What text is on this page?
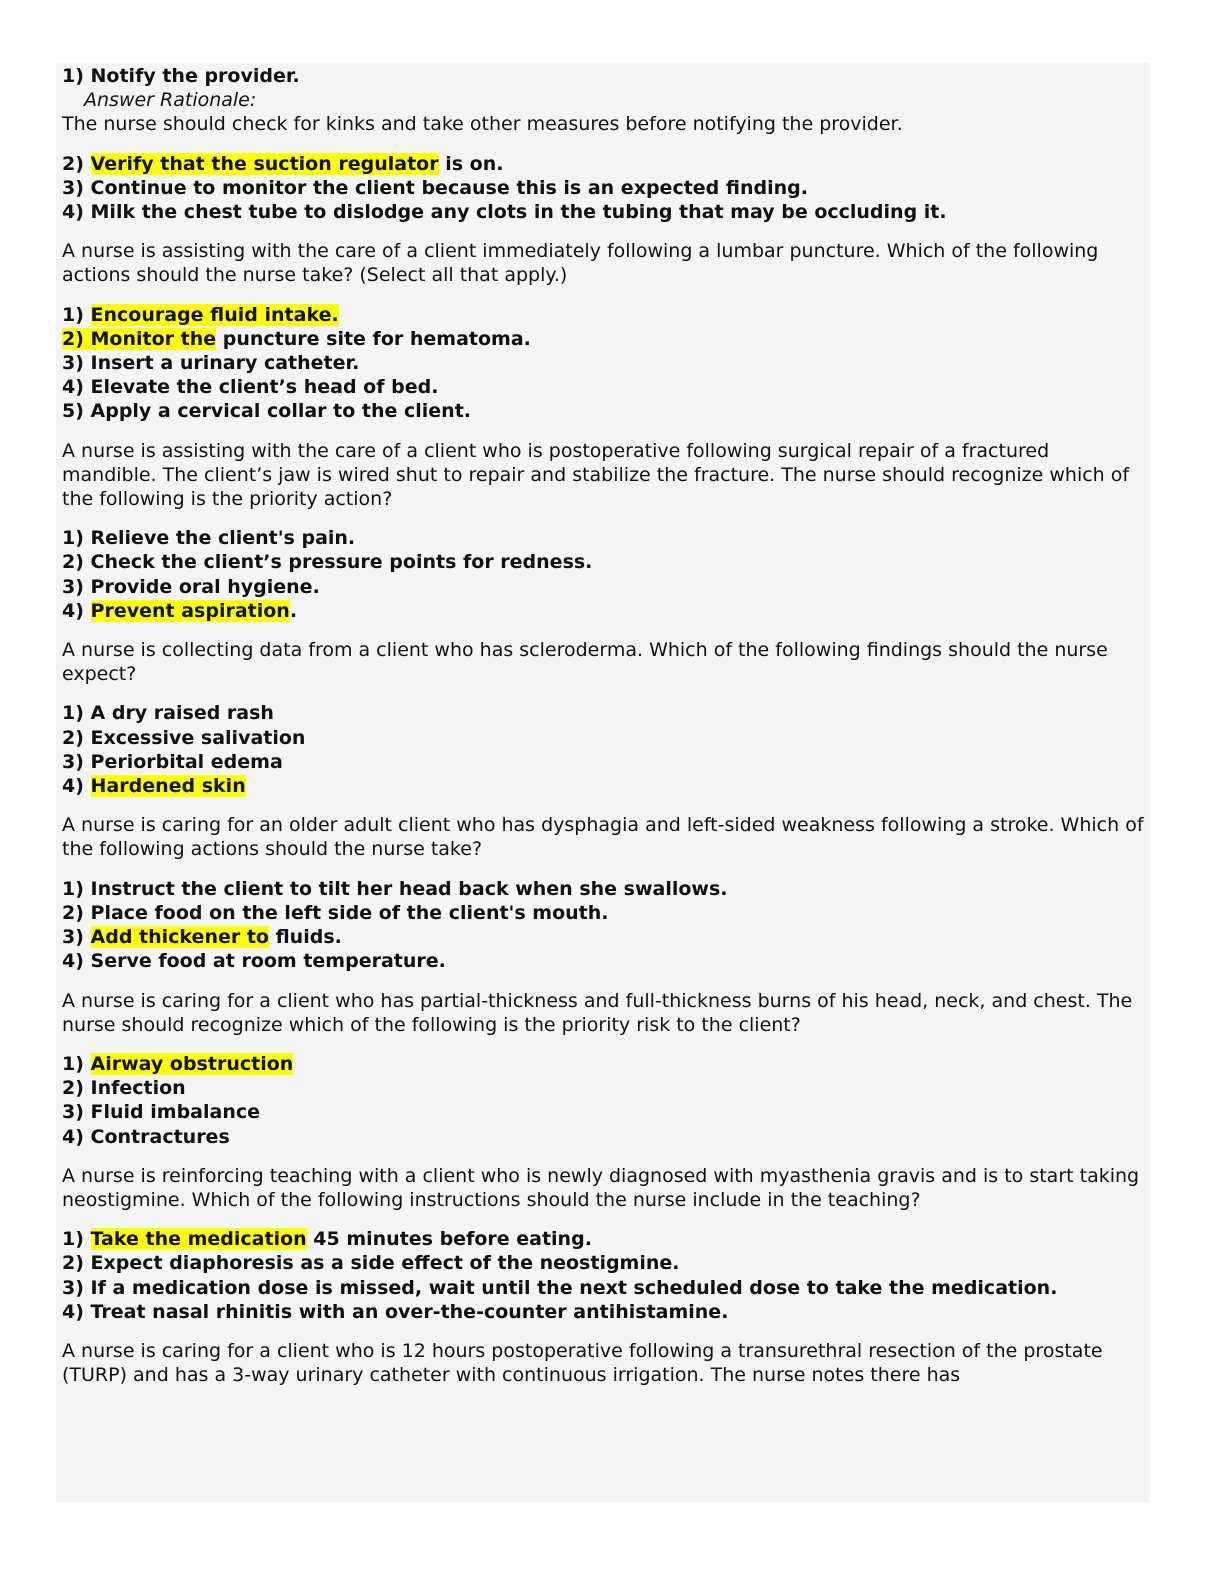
1) Notify the provider.
Answer Rationale:
The nurse should check for kinks and take other measures before notifying the provider.
2) Verify that the suction regulator is on.
3) Continue to monitor the client because this is an expected finding.
4) Milk the chest tube to dislodge any clots in the tubing that may be occluding it.
A nurse is assisting with the care of a client immediately following a lumbar puncture. Which of the following actions should the nurse take? (Select all that apply.)
1) Encourage fluid intake.
2) Monitor the puncture site for hematoma.
3) Insert a urinary catheter.
4) Elevate the client’s head of bed.
5) Apply a cervical collar to the client.
A nurse is assisting with the care of a client who is postoperative following surgical repair of a fractured mandible. The client’s jaw is wired shut to repair and stabilize the fracture. The nurse should recognize which of the following is the priority action?
1) Relieve the client's pain.
2) Check the client’s pressure points for redness.
3) Provide oral hygiene.
4) Prevent aspiration.
A nurse is collecting data from a client who has scleroderma. Which of the following findings should the nurse expect?
1) A dry raised rash
2) Excessive salivation
3) Periorbital edema
4) Hardened skin
A nurse is caring for an older adult client who has dysphagia and left-sided weakness following a stroke. Which of the following actions should the nurse take?
1) Instruct the client to tilt her head back when she swallows.
2) Place food on the left side of the client's mouth.
3) Add thickener to fluids.
4) Serve food at room temperature.
A nurse is caring for a client who has partial-thickness and full-thickness burns of his head, neck, and chest. The nurse should recognize which of the following is the priority risk to the client?
1) Airway obstruction
2) Infection
3) Fluid imbalance
4) Contractures
A nurse is reinforcing teaching with a client who is newly diagnosed with myasthenia gravis and is to start taking neostigmine. Which of the following instructions should the nurse include in the teaching?
1) Take the medication 45 minutes before eating.
2) Expect diaphoresis as a side effect of the neostigmine.
3) If a medication dose is missed, wait until the next scheduled dose to take the medication.
4) Treat nasal rhinitis with an over-the-counter antihistamine.
A nurse is caring for a client who is 12 hours postoperative following a transurethral resection of the prostate (TURP) and has a 3-way urinary catheter with continuous irrigation. The nurse notes there has
